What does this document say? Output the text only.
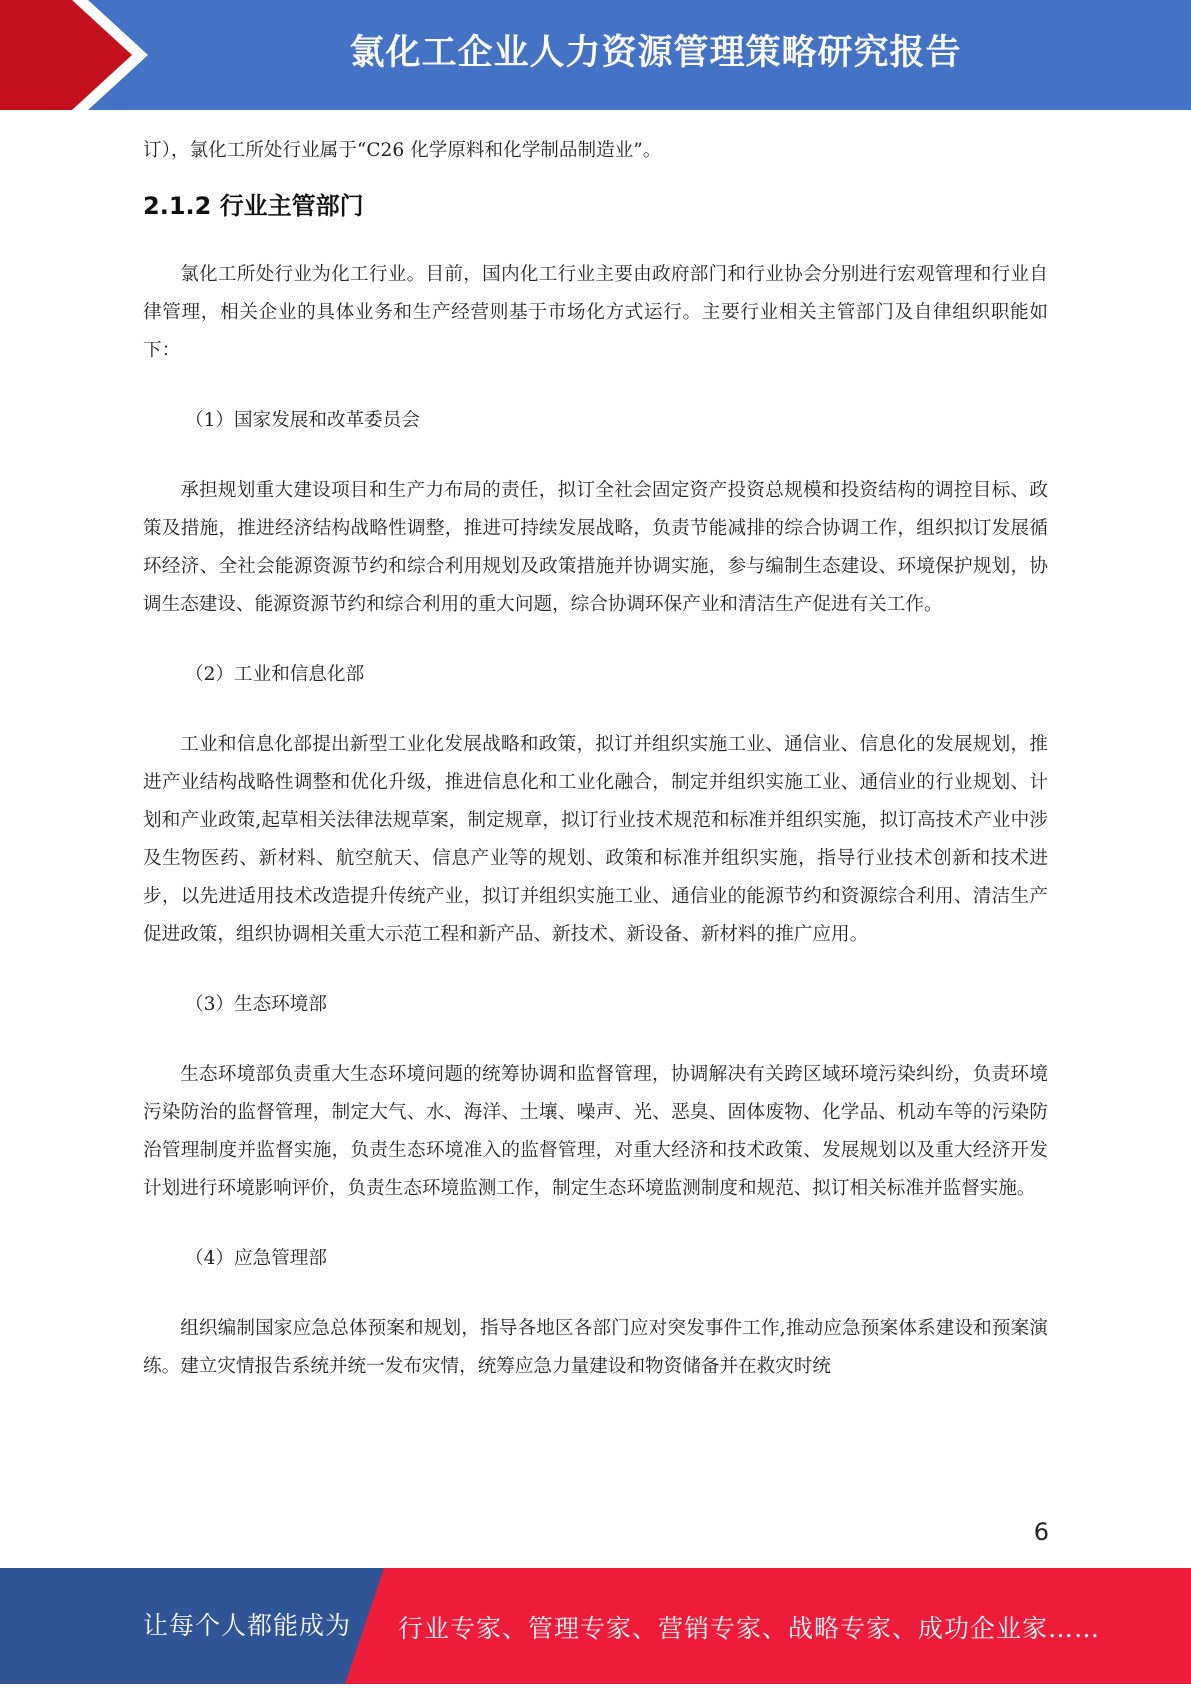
氯化工企业人力资源管理策略研究报告

订），氯化工所处行业属于“C26 化学原料和化学制品制造业”。

2.1.2 行业主管部门

氯化工所处行业为化工行业。目前，国内化工行业主要由政府部门和行业协会分别进行宏观管理和行业自律管理，相关企业的具体业务和生产经营则基于市场化方式运行。主要行业相关主管部门及自律组织职能如下：

（1）国家发展和改革委员会

承担规划重大建设项目和生产力布局的责任，拟订全社会固定资产投资总规模和投资结构的调控目标、政策及措施，推进经济结构战略性调整，推进可持续发展战略，负责节能减排的综合协调工作，组织拟订发展循环经济、全社会能源资源节约和综合利用规划及政策措施并协调实施，参与编制生态建设、环境保护规划，协调生态建设、能源资源节约和综合利用的重大问题，综合协调环保产业和清洁生产促进有关工作。

（2）工业和信息化部

工业和信息化部提出新型工业化发展战略和政策，拟订并组织实施工业、通信业、信息化的发展规划，推进产业结构战略性调整和优化升级，推进信息化和工业化融合，制定并组织实施工业、通信业的行业规划、计划和产业政策,起草相关法律法规草案，制定规章，拟订行业技术规范和标准并组织实施，拟订高技术产业中涉及生物医药、新材料、航空航天、信息产业等的规划、政策和标准并组织实施，指导行业技术创新和技术进步，以先进适用技术改造提升传统产业，拟订并组织实施工业、通信业的能源节约和资源综合利用、清洁生产促进政策，组织协调相关重大示范工程和新产品、新技术、新设备、新材料的推广应用。

（3）生态环境部

生态环境部负责重大生态环境问题的统筹协调和监督管理，协调解决有关跨区域环境污染纠纷，负责环境污染防治的监督管理，制定大气、水、海洋、土壤、噪声、光、恶臭、固体废物、化学品、机动车等的污染防治管理制度并监督实施，负责生态环境准入的监督管理，对重大经济和技术政策、发展规划以及重大经济开发计划进行环境影响评价，负责生态环境监测工作，制定生态环境监测制度和规范、拟订相关标准并监督实施。

（4）应急管理部

组织编制国家应急总体预案和规划，指导各地区各部门应对突发事件工作,推动应急预案体系建设和预案演练。建立灾情报告系统并统一发布灾情，统筹应急力量建设和物资储备并在救灾时统

6
让每个人都能成为 行业专家、管理专家、营销专家、战略专家、成功企业家……
